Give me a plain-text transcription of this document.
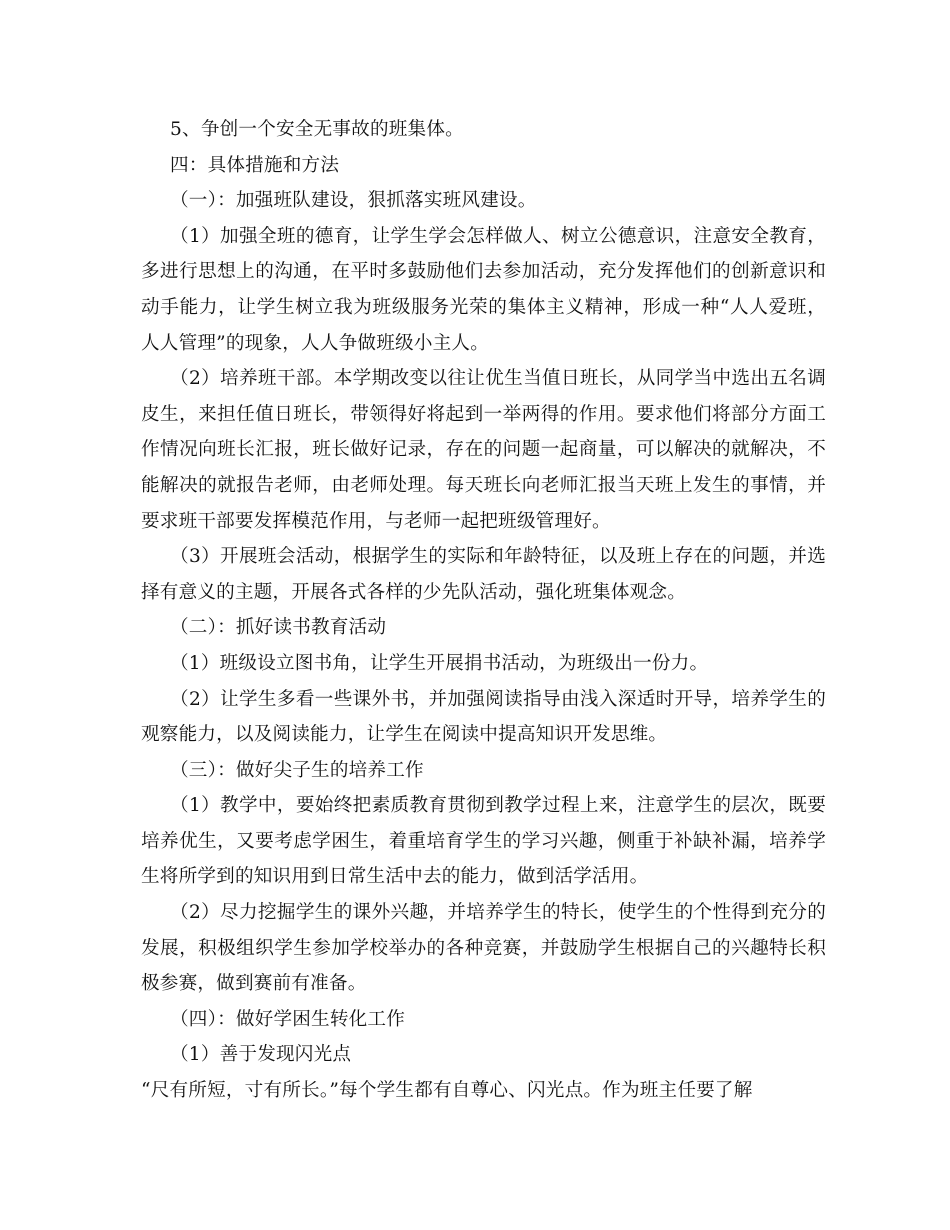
5、争创一个安全无事故的班集体。

四：具体措施和方法

（一）：加强班队建设，狠抓落实班风建设。

（1）加强全班的德育，让学生学会怎样做人、树立公德意识，注意安全教育，多进行思想上的沟通，在平时多鼓励他们去参加活动，充分发挥他们的创新意识和动手能力，让学生树立我为班级服务光荣的集体主义精神，形成一种“人人爱班，人人管理”的现象，人人争做班级小主人。

（2）培养班干部。本学期改变以往让优生当值日班长，从同学当中选出五名调皮生，来担任值日班长，带领得好将起到一举两得的作用。要求他们将部分方面工作情况向班长汇报，班长做好记录，存在的问题一起商量，可以解决的就解决，不能解决的就报告老师，由老师处理。每天班长向老师汇报当天班上发生的事情，并要求班干部要发挥模范作用，与老师一起把班级管理好。

（3）开展班会活动，根据学生的实际和年龄特征，以及班上存在的问题，并选择有意义的主题，开展各式各样的少先队活动，强化班集体观念。

（二）：抓好读书教育活动

（1）班级设立图书角，让学生开展捐书活动，为班级出一份力。

（2）让学生多看一些课外书，并加强阅读指导由浅入深适时开导，培养学生的观察能力，以及阅读能力，让学生在阅读中提高知识开发思维。

（三）：做好尖子生的培养工作

（1）教学中，要始终把素质教育贯彻到教学过程上来，注意学生的层次，既要培养优生，又要考虑学困生，着重培育学生的学习兴趣，侧重于补缺补漏，培养学生将所学到的知识用到日常生活中去的能力，做到活学活用。

（2）尽力挖掘学生的课外兴趣，并培养学生的特长，使学生的个性得到充分的发展，积极组织学生参加学校举办的各种竞赛，并鼓励学生根据自己的兴趣特长积极参赛，做到赛前有准备。

（四）：做好学困生转化工作

（1）善于发现闪光点

“尺有所短，寸有所长。”每个学生都有自尊心、闪光点。作为班主任要了解
